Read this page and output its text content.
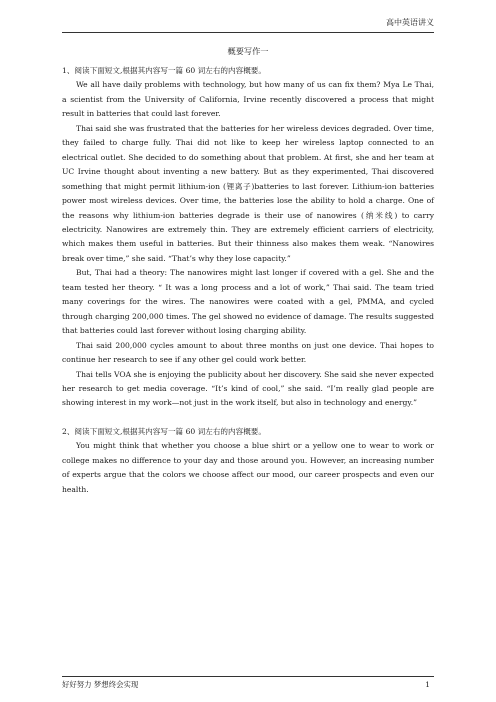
高中英语讲义
概要写作一

1、阅读下面短文,根据其内容写一篇 60 词左右的内容概要。

We all have daily problems with technology, but how many of us can fix them? Mya Le Thai, a scientist from the University of California, Irvine recently discovered a process that might result in batteries that could last forever.

Thai said she was frustrated that the batteries for her wireless devices degraded. Over time, they failed to charge fully. Thai did not like to keep her wireless laptop connected to an electrical outlet. She decided to do something about that problem. At first, she and her team at UC Irvine thought about inventing a new battery. But as they experimented, Thai discovered something that might permit lithium-ion (锂离子)batteries to last forever. Lithium-ion batteries power most wireless devices. Over time, the batteries lose the ability to hold a charge. One of the reasons why lithium-ion batteries degrade is their use of nanowires (纳米线) to carry electricity. Nanowires are extremely thin. They are extremely efficient carriers of electricity, which makes them useful in batteries. But their thinness also makes them weak. “Nanowires break over time,” she said. “That’s why they lose capacity.”

But, Thai had a theory: The nanowires might last longer if covered with a gel. She and the team tested her theory. “ It was a long process and a lot of work,” Thai said. The team tried many coverings for the wires. The nanowires were coated with a gel, PMMA, and cycled through charging 200,000 times. The gel showed no evidence of damage. The results suggested that batteries could last forever without losing charging ability.

Thai said 200,000 cycles amount to about three months on just one device. Thai hopes to continue her research to see if any other gel could work better.

Thai tells VOA she is enjoying the publicity about her discovery. She said she never expected her research to get media coverage. “It’s kind of cool,” she said. “I’m really glad people are showing interest in my work—not just in the work itself, but also in technology and energy.”

2、阅读下面短文,根据其内容写一篇 60 词左右的内容概要。

You might think that whether you choose a blue shirt or a yellow one to wear to work or college makes no difference to your day and those around you. However, an increasing number of experts argue that the colors we choose affect our mood, our career prospects and even our health.

好好努力 梦想终会实现	1
